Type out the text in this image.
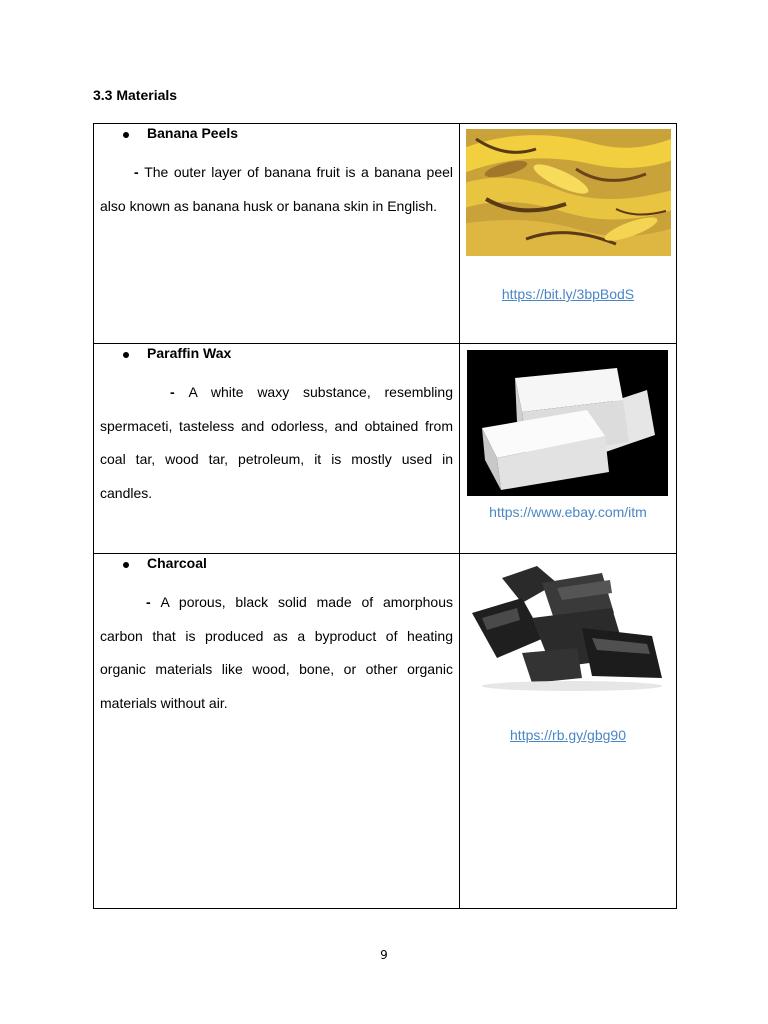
3.3 Materials
Banana Peels
- The outer layer of banana fruit is a banana peel also known as banana husk or banana skin in English.	https://bit.ly/3bpBodS

Paraffin Wax
- A white waxy substance, resembling spermaceti, tasteless and odorless, and obtained from coal tar, wood tar, petroleum, it is mostly used in candles.	https://www.ebay.com/itm

Charcoal
- A porous, black solid made of amorphous carbon that is produced as a byproduct of heating organic materials like wood, bone, or other organic materials without air.	https://rb.gy/gbg90
9
